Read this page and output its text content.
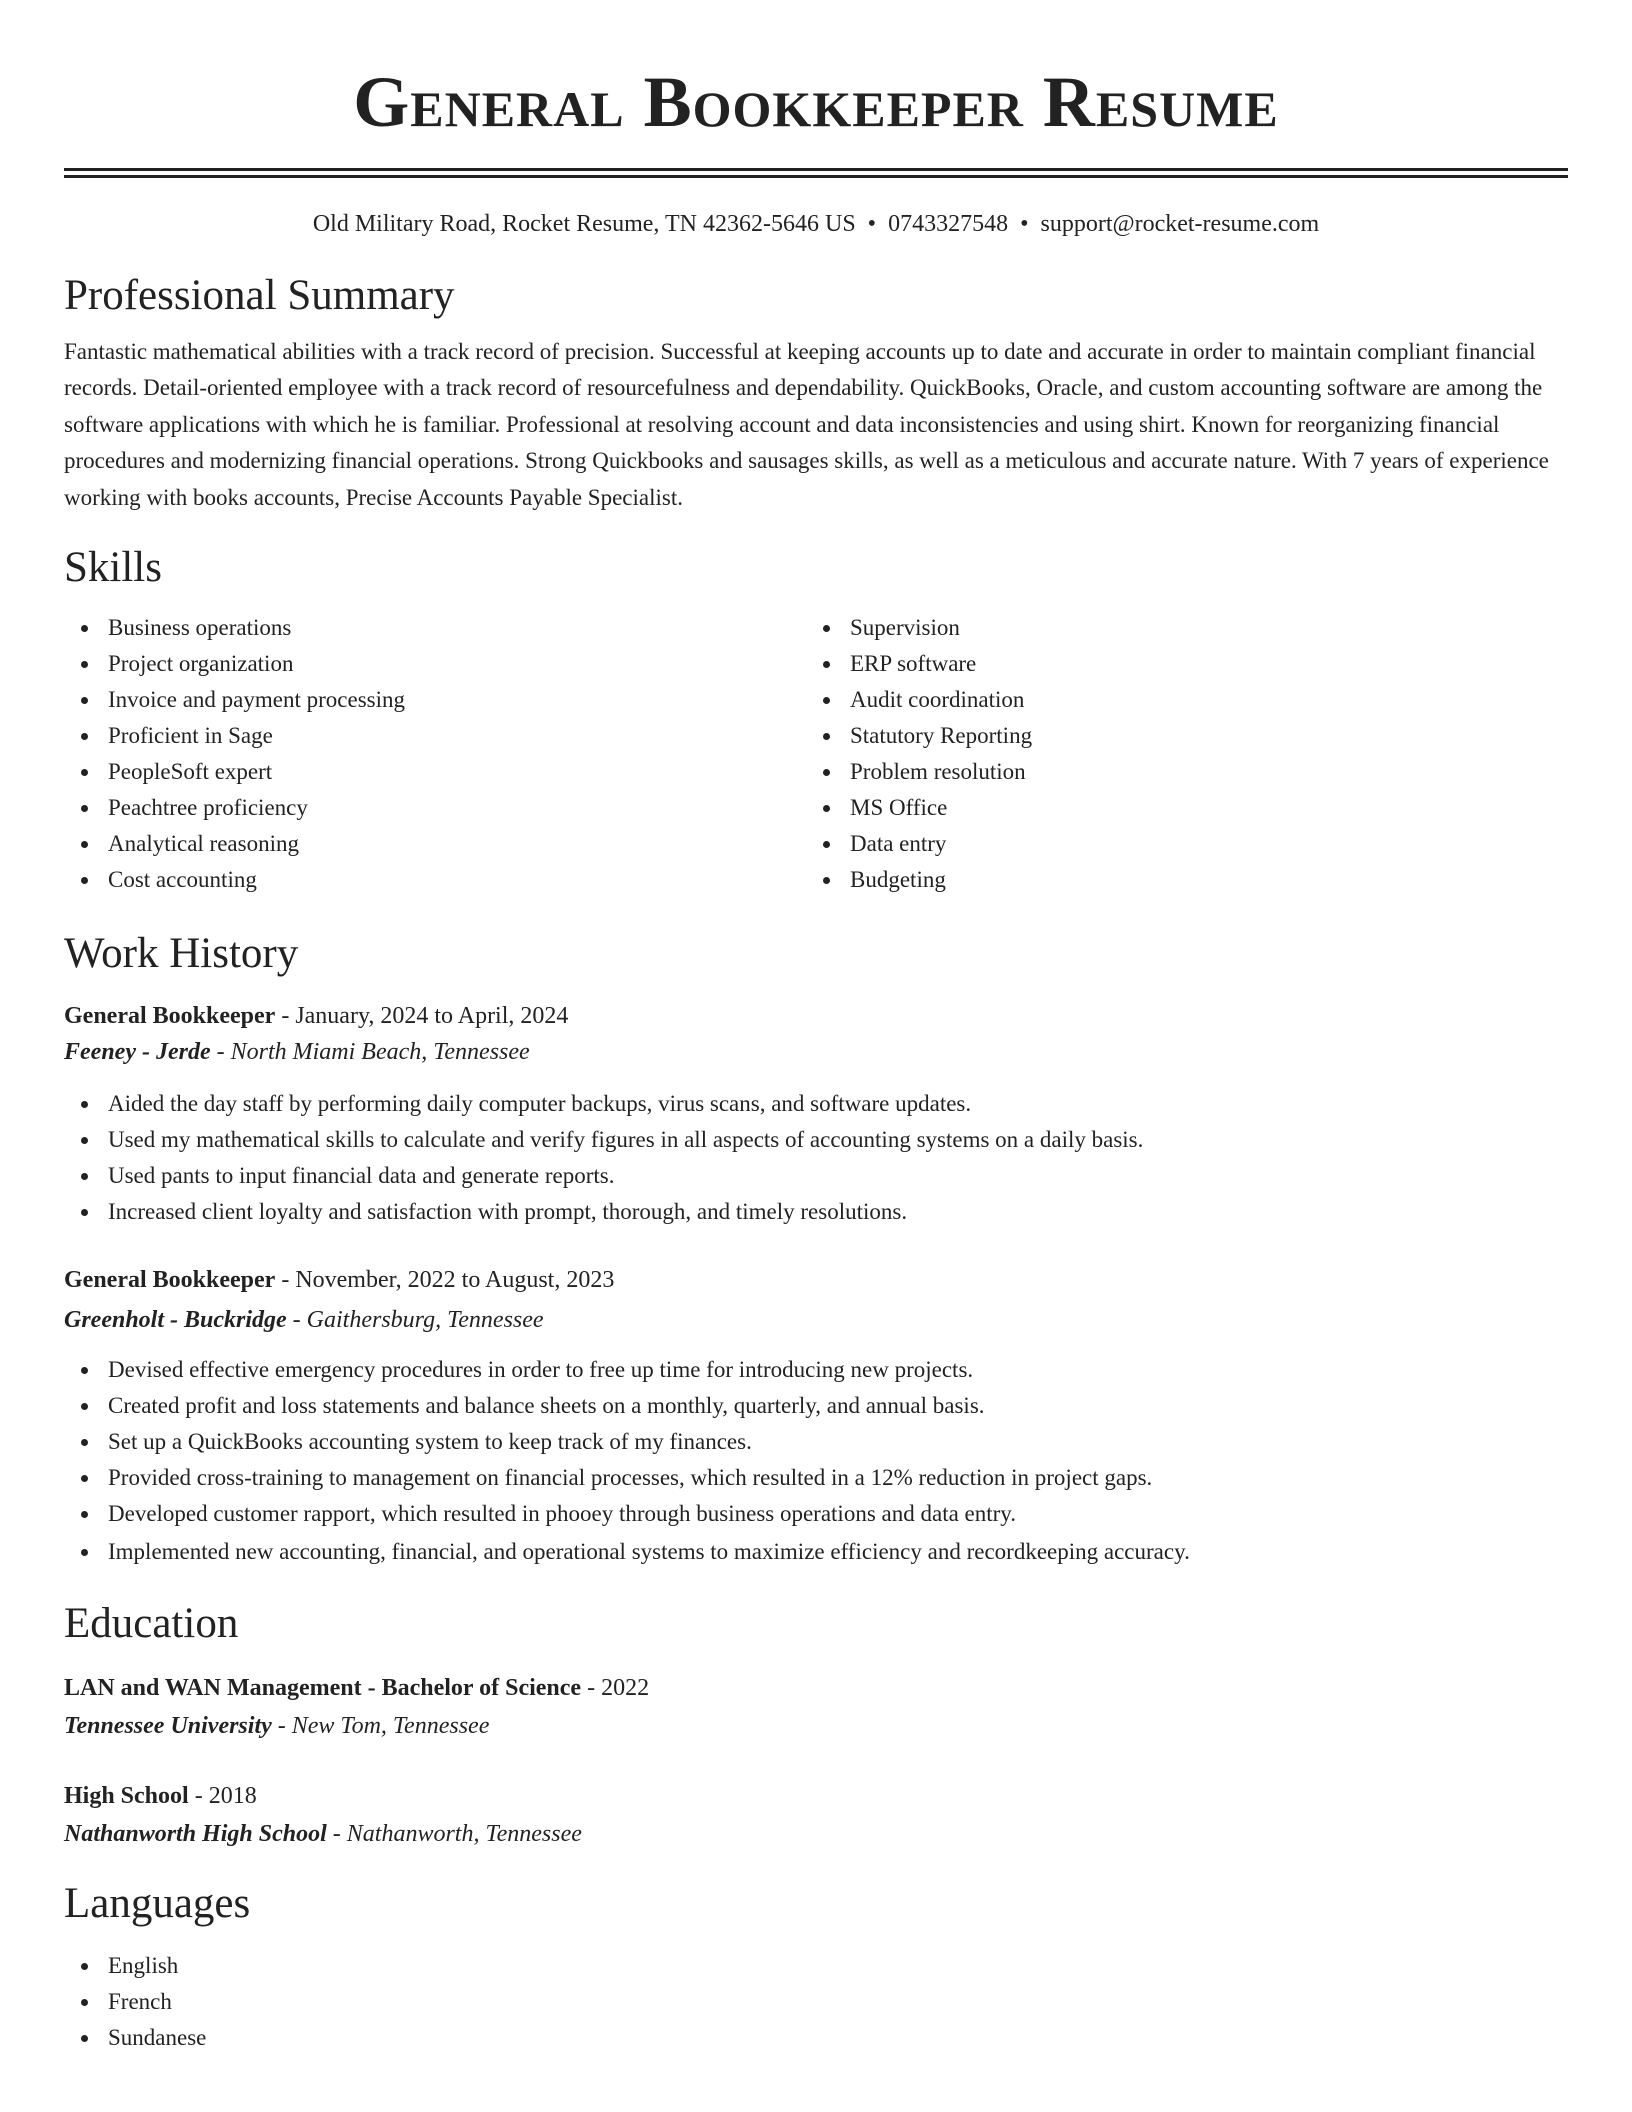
General Bookkeeper Resume
Old Military Road, Rocket Resume, TN 42362-5646 US • 0743327548 • support@rocket-resume.com
Professional Summary

Fantastic mathematical abilities with a track record of precision. Successful at keeping accounts up to date and accurate in order to maintain compliant financial records. Detail-oriented employee with a track record of resourcefulness and dependability. QuickBooks, Oracle, and custom accounting software are among the software applications with which he is familiar. Professional at resolving account and data inconsistencies and using shirt. Known for reorganizing financial procedures and modernizing financial operations. Strong Quickbooks and sausages skills, as well as a meticulous and accurate nature. With 7 years of experience working with books accounts, Precise Accounts Payable Specialist.

Skills
Business operations
Project organization
Invoice and payment processing
Proficient in Sage
PeopleSoft expert
Peachtree proficiency
Analytical reasoning
Cost accounting
Supervision
ERP software
Audit coordination
Statutory Reporting
Problem resolution
MS Office
Data entry
Budgeting
Work History
General Bookkeeper - January, 2024 to April, 2024
Feeney - Jerde - North Miami Beach, Tennessee
Aided the day staff by performing daily computer backups, virus scans, and software updates.
Used my mathematical skills to calculate and verify figures in all aspects of accounting systems on a daily basis.
Used pants to input financial data and generate reports.
Increased client loyalty and satisfaction with prompt, thorough, and timely resolutions.
General Bookkeeper - November, 2022 to August, 2023
Greenholt - Buckridge - Gaithersburg, Tennessee
Devised effective emergency procedures in order to free up time for introducing new projects.
Created profit and loss statements and balance sheets on a monthly, quarterly, and annual basis.
Set up a QuickBooks accounting system to keep track of my finances.
Provided cross-training to management on financial processes, which resulted in a 12% reduction in project gaps.
Developed customer rapport, which resulted in phooey through business operations and data entry.
Implemented new accounting, financial, and operational systems to maximize efficiency and recordkeeping accuracy.
Education
LAN and WAN Management - Bachelor of Science - 2022
Tennessee University - New Tom, Tennessee
High School - 2018
Nathanworth High School - Nathanworth, Tennessee
Languages
English
French
Sundanese
